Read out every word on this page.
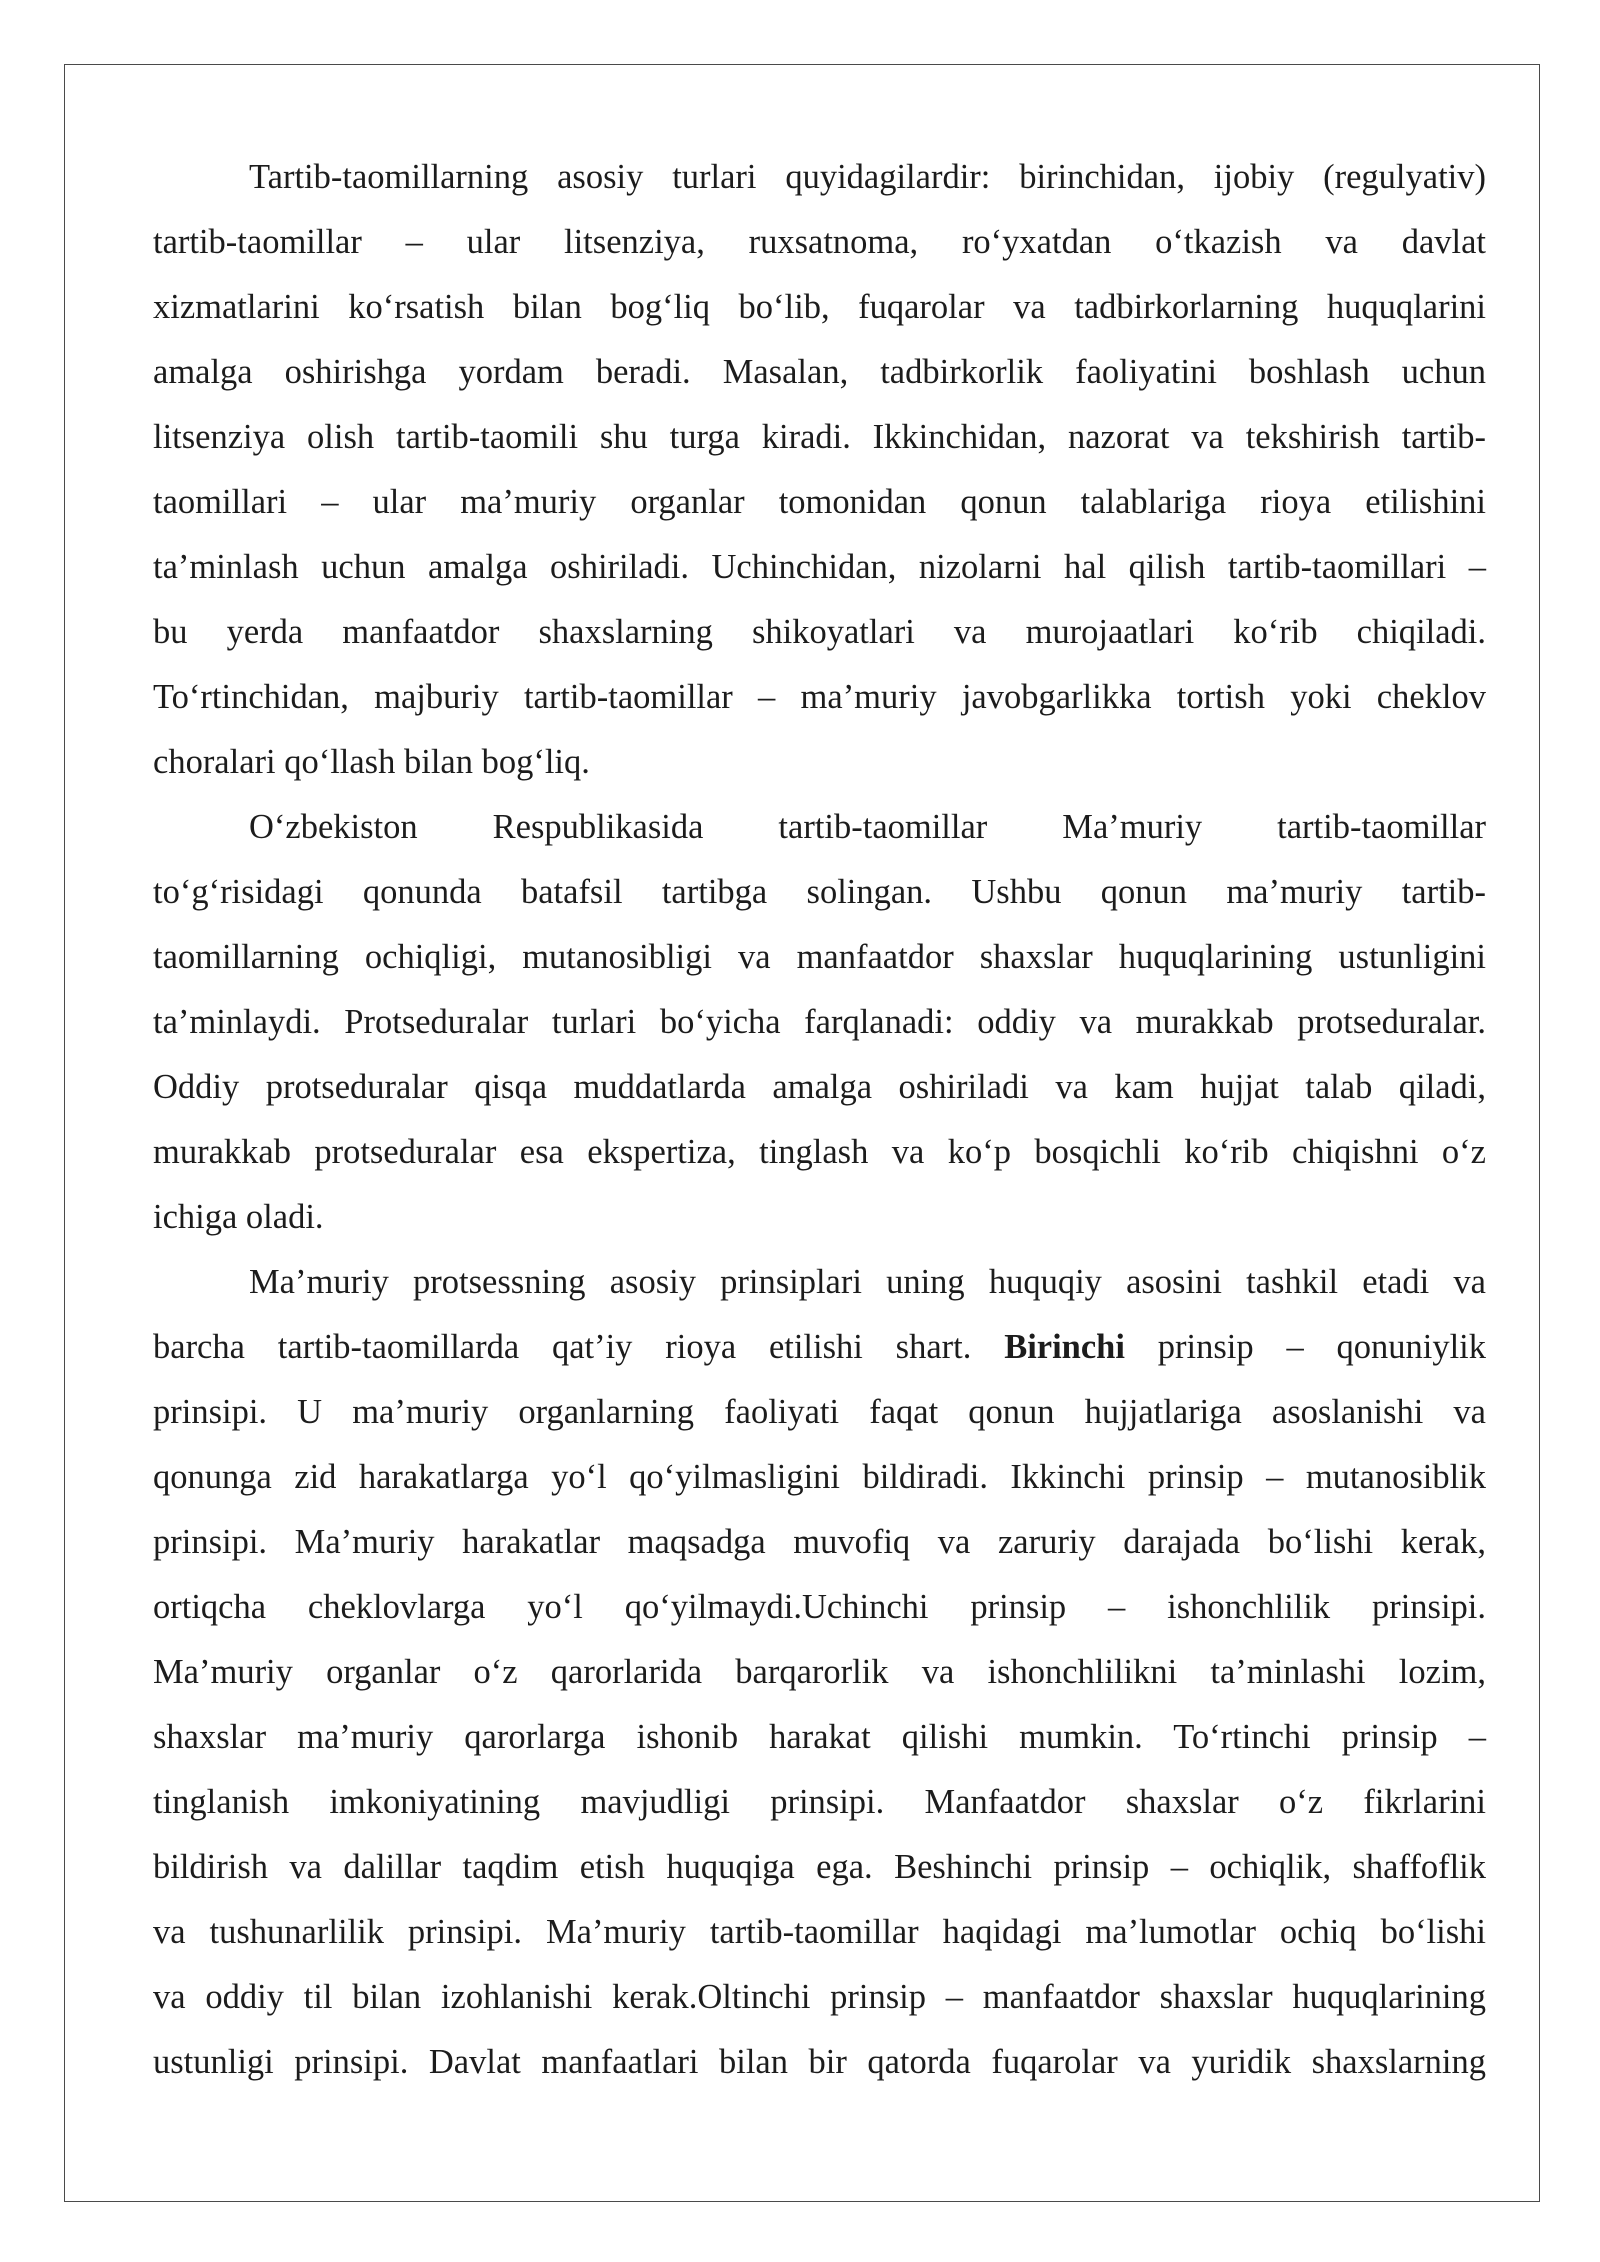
Tartib-taomillarning asosiy turlari quyidagilardir: birinchidan, ijobiy (regulyativ)
tartib-taomillar – ular litsenziya, ruxsatnoma, ro‘yxatdan o‘tkazish va davlat
xizmatlarini ko‘rsatish bilan bog‘liq bo‘lib, fuqarolar va tadbirkorlarning huquqlarini
amalga oshirishga yordam beradi. Masalan, tadbirkorlik faoliyatini boshlash uchun
litsenziya olish tartib-taomili shu turga kiradi. Ikkinchidan, nazorat va tekshirish tartib-
taomillari – ular ma’muriy organlar tomonidan qonun talablariga rioya etilishini
ta’minlash uchun amalga oshiriladi. Uchinchidan, nizolarni hal qilish tartib-taomillari –
bu yerda manfaatdor shaxslarning shikoyatlari va murojaatlari ko‘rib chiqiladi.
To‘rtinchidan, majburiy tartib-taomillar – ma’muriy javobgarlikka tortish yoki cheklov
choralari qo‘llash bilan bog‘liq.
O‘zbekiston Respublikasida tartib-taomillar Ma’muriy tartib-taomillar
to‘g‘risidagi qonunda batafsil tartibga solingan. Ushbu qonun ma’muriy tartib-
taomillarning ochiqligi, mutanosibligi va manfaatdor shaxslar huquqlarining ustunligini
ta’minlaydi. Protseduralar turlari bo‘yicha farqlanadi: oddiy va murakkab protseduralar.
Oddiy protseduralar qisqa muddatlarda amalga oshiriladi va kam hujjat talab qiladi,
murakkab protseduralar esa ekspertiza, tinglash va ko‘p bosqichli ko‘rib chiqishni o‘z
ichiga oladi.
Ma’muriy protsessning asosiy prinsiplari uning huquqiy asosini tashkil etadi va
barcha tartib-taomillarda qat’iy rioya etilishi shart. Birinchi prinsip – qonuniylik
prinsipi. U ma’muriy organlarning faoliyati faqat qonun hujjatlariga asoslanishi va
qonunga zid harakatlarga yo‘l qo‘yilmasligini bildiradi. Ikkinchi prinsip – mutanosiblik
prinsipi. Ma’muriy harakatlar maqsadga muvofiq va zaruriy darajada bo‘lishi kerak,
ortiqcha cheklovlarga yo‘l qo‘yilmaydi.Uchinchi prinsip – ishonchlilik prinsipi.
Ma’muriy organlar o‘z qarorlarida barqarorlik va ishonchlilikni ta’minlashi lozim,
shaxslar ma’muriy qarorlarga ishonib harakat qilishi mumkin. To‘rtinchi prinsip –
tinglanish imkoniyatining mavjudligi prinsipi. Manfaatdor shaxslar o‘z fikrlarini
bildirish va dalillar taqdim etish huquqiga ega. Beshinchi prinsip – ochiqlik, shaffoflik
va tushunarlilik prinsipi. Ma’muriy tartib-taomillar haqidagi ma’lumotlar ochiq bo‘lishi
va oddiy til bilan izohlanishi kerak.Oltinchi prinsip – manfaatdor shaxslar huquqlarining
ustunligi prinsipi. Davlat manfaatlari bilan bir qatorda fuqarolar va yuridik shaxslarning
